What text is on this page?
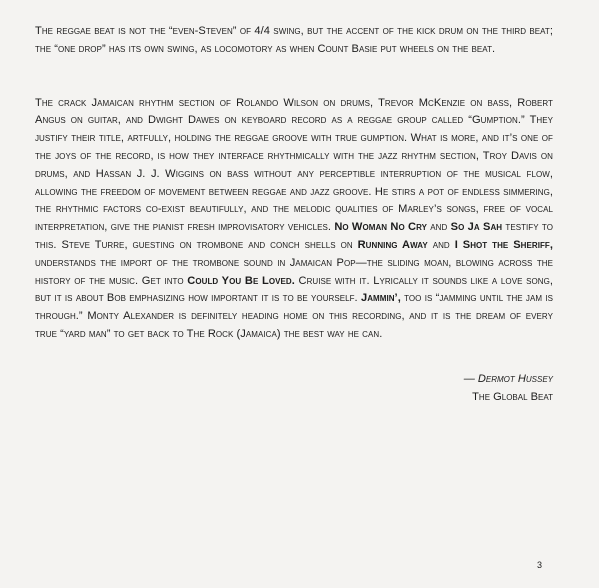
The reggae beat is not the “even-Steven” of 4/4 swing, but the accent of the kick drum on the third beat; the “one drop” has its own swing, as locomotory as when Count Basie put wheels on the beat.

The crack Jamaican rhythm section of Rolando Wilson on drums, Trevor McKenzie on bass, Robert Angus on guitar, and Dwight Dawes on keyboard record as a reggae group called “Gumption.” They justify their title, artfully, holding the reggae groove with true gumption. What is more, and it’s one of the joys of the record, is how they interface rhythmically with the jazz rhythm section, Troy Davis on drums, and Hassan J. J. Wiggins on bass without any perceptible interruption of the musical flow, allowing the freedom of movement between reggae and jazz groove. He stirs a pot of endless simmering, the rhythmic factors co-exist beautifully, and the melodic qualities of Marley’s songs, free of vocal interpretation, give the pianist fresh improvisatory vehicles. No Woman No Cry and So Ja Sah testify to this. Steve Turre, guesting on trombone and conch shells on Running Away and I Shot the Sheriff, understands the import of the trombone sound in Jamaican Pop—the sliding moan, blowing across the history of the music. Get into Could You Be Loved. Cruise with it. Lyrically it sounds like a love song, but it is about Bob emphasizing how important it is to be yourself. Jammin’, too is “jamming until the jam is through.” Monty Alexander is definitely heading home on this recording, and it is the dream of every true “yard man” to get back to The Rock (Jamaica) the best way he can.

— Dermot Hussey
The Global Beat
3
